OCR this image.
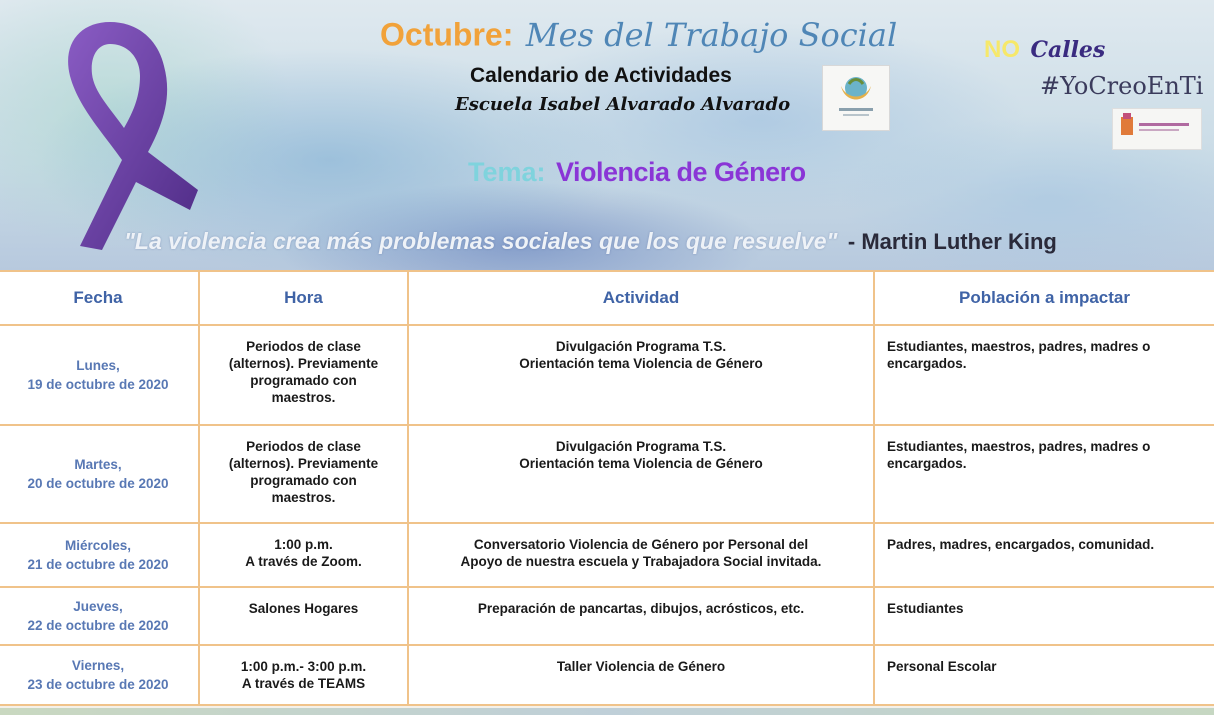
Octubre: Mes del Trabajo Social
Calendario de Actividades
Escuela Isabel Alvarado Alvarado
Tema: Violencia de Género
NO Calles
#YoCreoEnTi
"La violencia crea más problemas sociales que los que resuelve" - Martin Luther King
Fecha	Hora	Actividad	Población a impactar

Lunes,
19 de octubre de 2020	Periodos de clase
(alternos). Previamente
programado con
maestros.	Divulgación Programa T.S.
Orientación tema Violencia de Género	Estudiantes, maestros, padres, madres o encargados.

Martes,
20 de octubre de 2020	Periodos de clase
(alternos). Previamente
programado con
maestros.	Divulgación Programa T.S.
Orientación tema Violencia de Género	Estudiantes, maestros, padres, madres o encargados.

Miércoles,
21 de octubre de 2020	1:00 p.m.
A través de Zoom.	Conversatorio Violencia de Género por Personal del
Apoyo de nuestra escuela y Trabajadora Social invitada.	Padres, madres, encargados, comunidad.

Jueves,
22 de octubre de 2020	Salones Hogares	Preparación de pancartas, dibujos, acrósticos, etc.	Estudiantes

Viernes,
23 de octubre de 2020	1:00 p.m.- 3:00 p.m.
A través de TEAMS	Taller Violencia de Género	Personal Escolar
